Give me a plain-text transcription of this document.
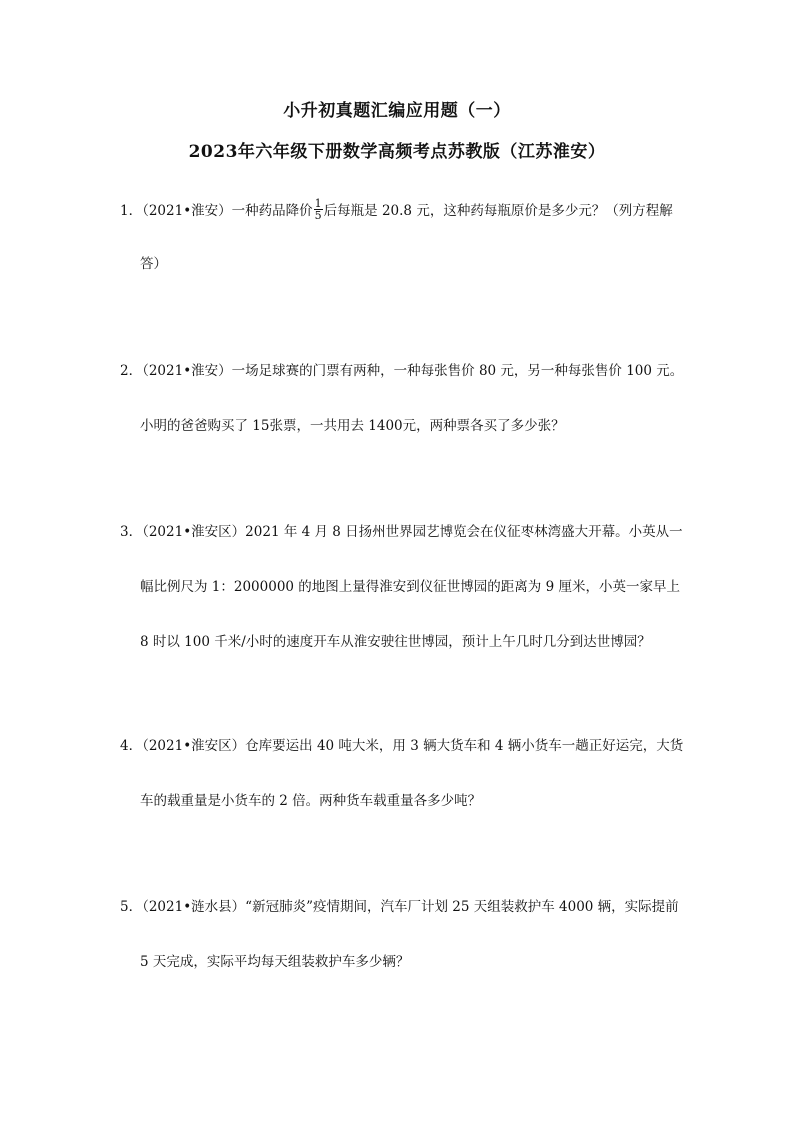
小升初真题汇编应用题（一）
2023年六年级下册数学高频考点苏教版（江苏淮安）
1．（2021•淮安）一种药品降价 $\frac{1}{5}$ 后每瓶是 20.8 元，这种药每瓶原价是多少元？（列方程解
答）
2．（2021•淮安）一场足球赛的门票有两种，一种每张售价 80 元，另一种每张售价 100 元。
小明的爸爸购买了 15张票，一共用去 1400元，两种票各买了多少张？
3．（2021•淮安区）2021 年 4 月 8 日扬州世界园艺博览会在仪征枣林湾盛大开幕。小英从一
幅比例尺为 1：2000000 的地图上量得淮安到仪征世博园的距离为 9 厘米，小英一家早上
8 时以 100 千米/小时的速度开车从淮安驶往世博园，预计上午几时几分到达世博园？
4．（2021•淮安区）仓库要运出 40 吨大米，用 3 辆大货车和 4 辆小货车一趟正好运完，大货
车的载重量是小货车的 2 倍。两种货车载重量各多少吨？
5．（2021•涟水县）“新冠肺炎”疫情期间，汽车厂计划 25 天组装救护车 4000 辆，实际提前
5 天完成，实际平均每天组装救护车多少辆？
